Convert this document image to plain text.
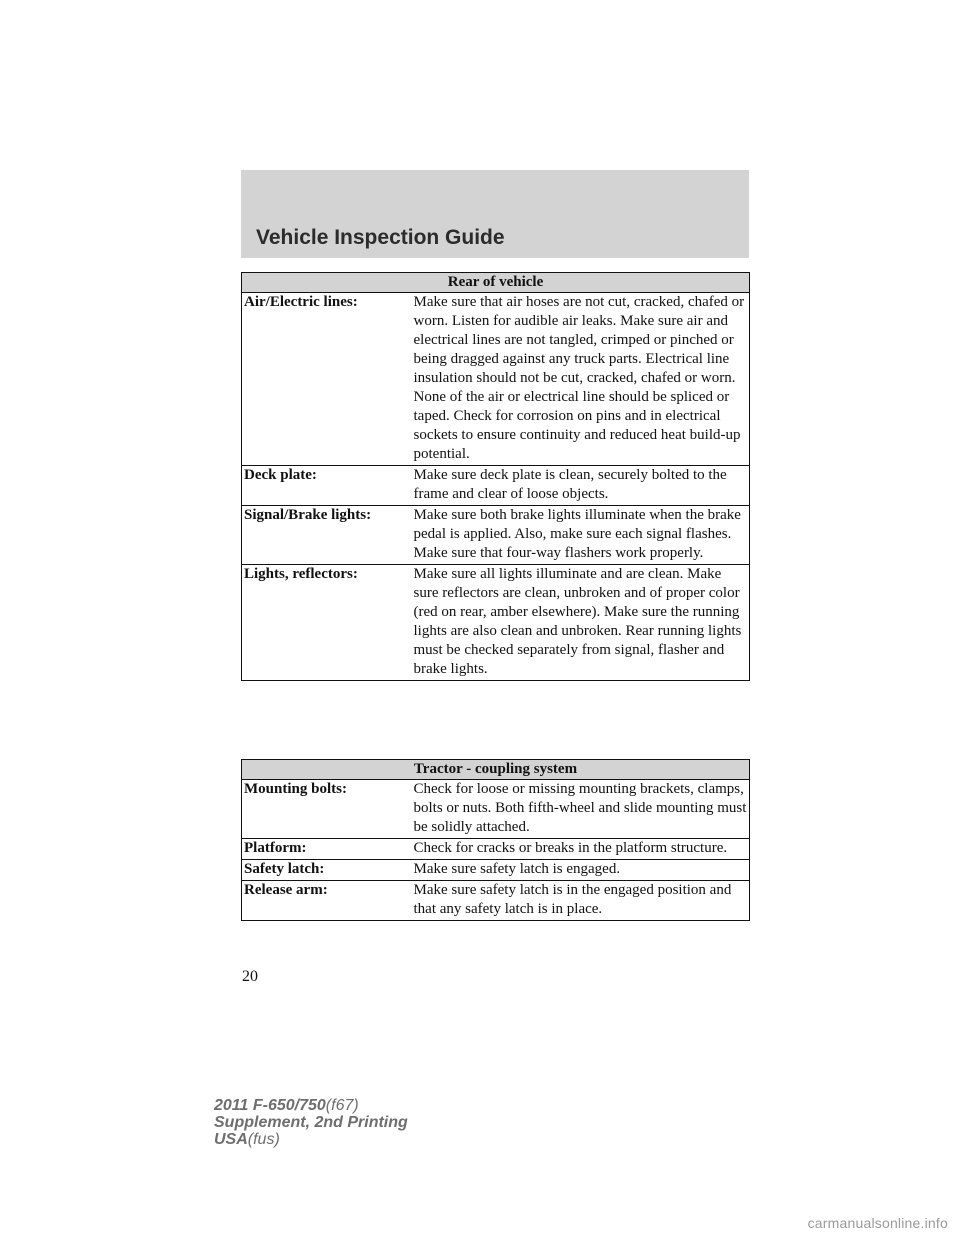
Vehicle Inspection Guide
Rear of vehicle	
Air/Electric lines:	Make sure that air hoses are not cut, cracked, chafed or worn. Listen for audible air leaks. Make sure air and electrical lines are not tangled, crimped or pinched or being dragged against any truck parts. Electrical line insulation should not be cut, cracked, chafed or worn. None of the air or electrical line should be spliced or taped. Check for corrosion on pins and in electrical sockets to ensure continuity and reduced heat build-up potential.
Deck plate:	Make sure deck plate is clean, securely bolted to the frame and clear of loose objects.
Signal/Brake lights:	Make sure both brake lights illuminate when the brake pedal is applied. Also, make sure each signal flashes. Make sure that four-way flashers work properly.
Lights, reflectors:	Make sure all lights illuminate and are clean. Make sure reflectors are clean, unbroken and of proper color (red on rear, amber elsewhere). Make sure the running lights are also clean and unbroken. Rear running lights must be checked separately from signal, flasher and brake lights.
Tractor - coupling system	
Mounting bolts:	Check for loose or missing mounting brackets, clamps, bolts or nuts. Both fifth-wheel and slide mounting must be solidly attached.
Platform:	Check for cracks or breaks in the platform structure.
Safety latch:	Make sure safety latch is engaged.
Release arm:	Make sure safety latch is in the engaged position and that any safety latch is in place.
20
2011 F-650/750(f67)
Supplement, 2nd Printing
USA(fus)
carmanualsonline.info
